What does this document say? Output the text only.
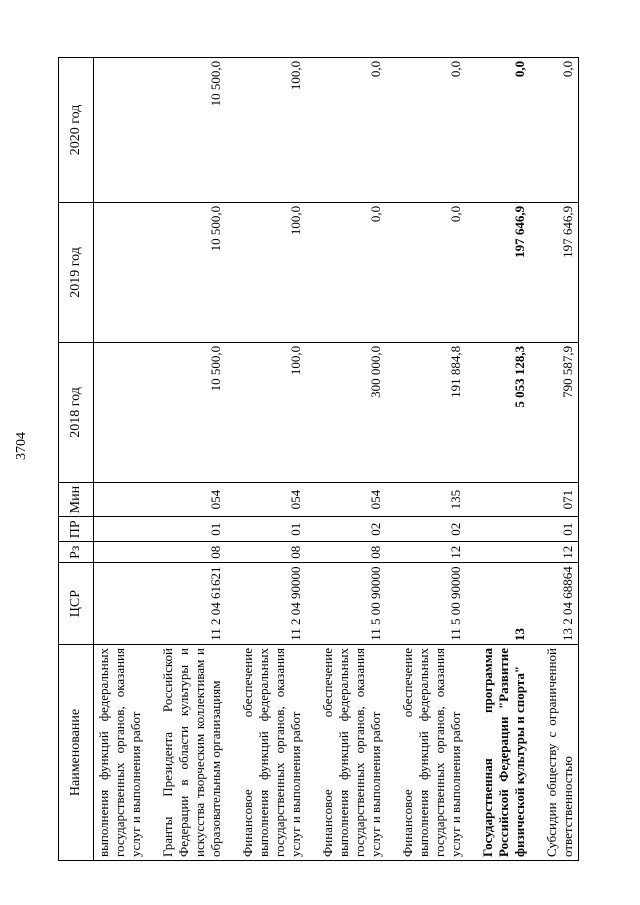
3704
Наименование	ЦСР	Рз	ПР	Мин	2018 год	2019 год	2020 год
выполнения функций федеральных государственных органов, оказания услуг и выполнения работ							
Гранты Президента Российской Федерации в области культуры и искусства творческим коллективам и образовательным организациям	11 2 04 61621	08	01	054	10 500,0	10 500,0	10 500,0
Финансовое обеспечение выполнения функций федеральных государственных органов, оказания услуг и выполнения работ	11 2 04 90000	08	01	054	100,0	100,0	100,0
Финансовое обеспечение выполнения функций федеральных государственных органов, оказания услуг и выполнения работ	11 5 00 90000	08	02	054	300 000,0	0,0	0,0
Финансовое обеспечение выполнения функций федеральных государственных органов, оказания услуг и выполнения работ	11 5 00 90000	12	02	135	191 884,8	0,0	0,0
Государственная программа Российской Федерации "Развитие физической культуры и спорта"	13				5 053 128,3	197 646,9	0,0
Субсидии обществу с ограниченной ответственностью	13 2 04 68864	12	01	071	790 587,9	197 646,9	0,0
